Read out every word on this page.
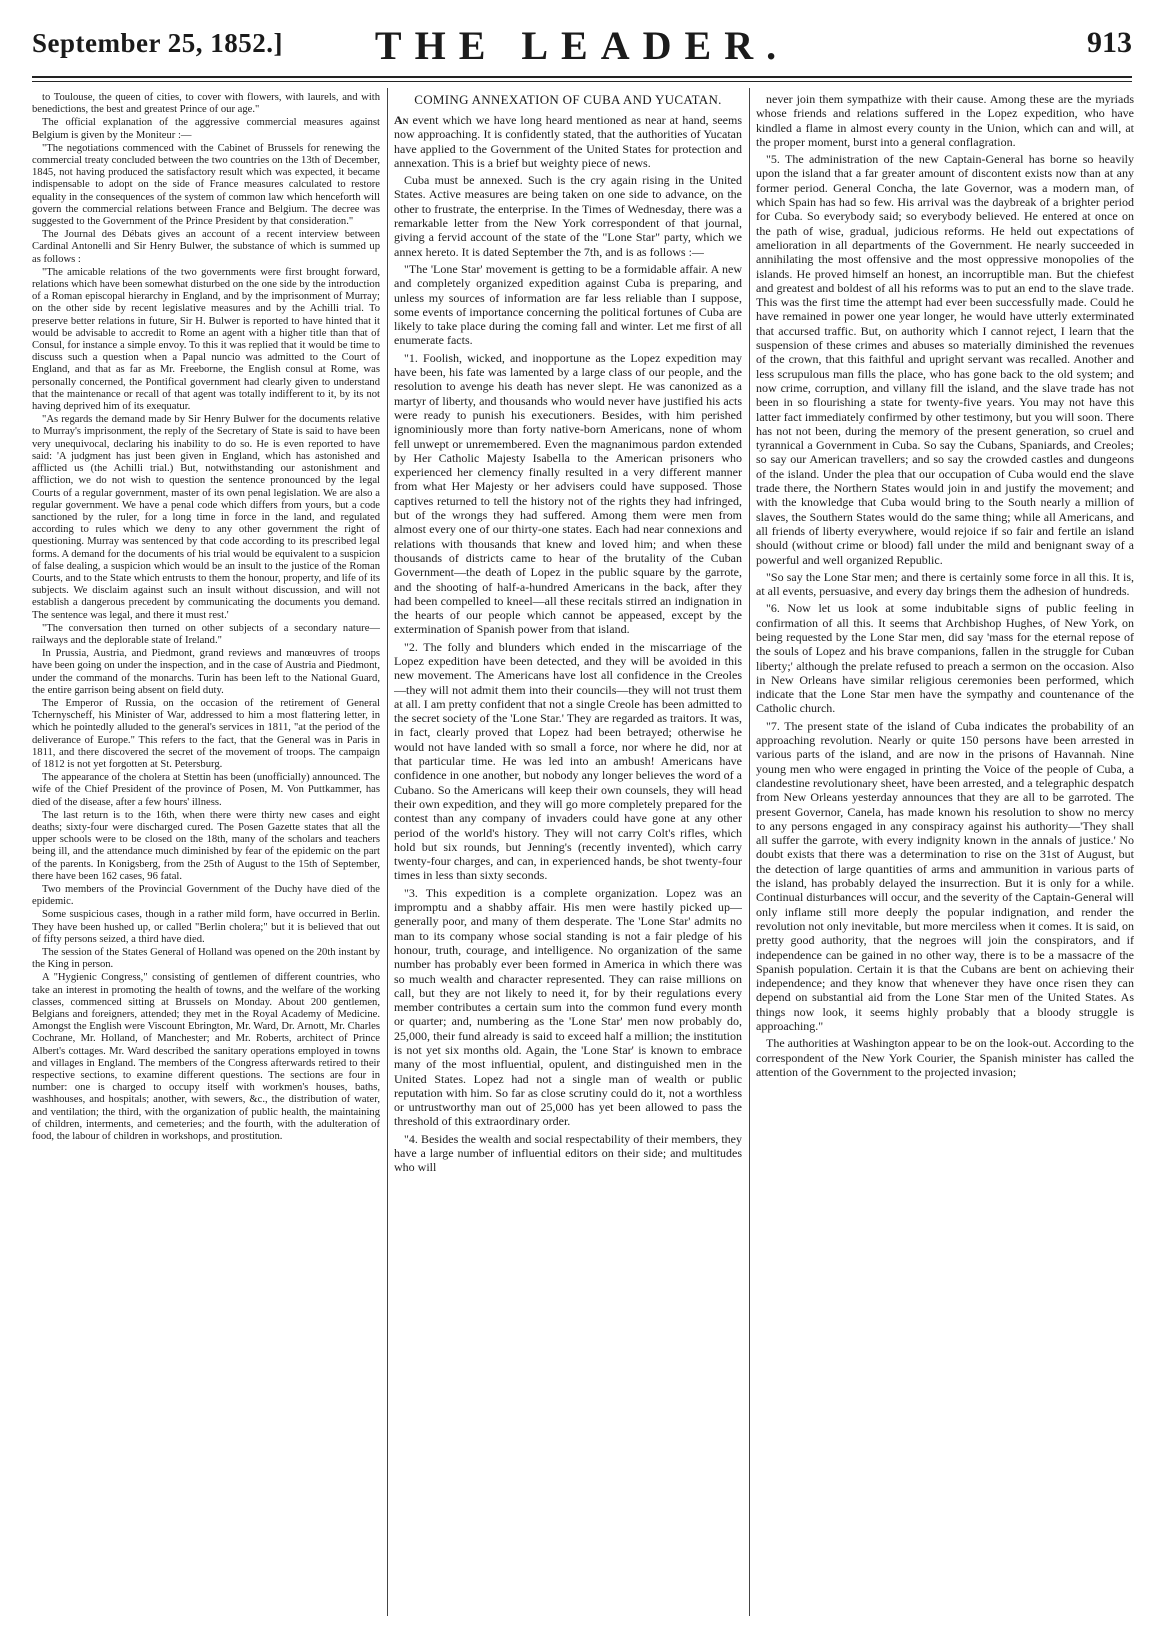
September 25, 1852.]	THE LEADER.	913

to Toulouse, the queen of cities, to cover with flowers, with laurels, and with benedictions, the best and greatest Prince of our age."

The official explanation of the aggressive commercial measures against Belgium is given by the Moniteur :—

"The negotiations commenced with the Cabinet of Brussels for renewing the commercial treaty concluded between the two countries on the 13th of December, 1845, not having produced the satisfactory result which was expected, it became indispensable to adopt on the side of France measures calculated to restore equality in the consequences of the system of common law which henceforth will govern the commercial relations between France and Belgium. The decree was suggested to the Government of the Prince President by that consideration."

The Journal des Débats gives an account of a recent interview between Cardinal Antonelli and Sir Henry Bulwer, the substance of which is summed up as follows :

"The amicable relations of the two governments were first brought forward, relations which have been somewhat disturbed on the one side by the introduction of a Roman episcopal hierarchy in England, and by the imprisonment of Murray; on the other side by recent legislative measures and by the Achilli trial. To preserve better relations in future, Sir H. Bulwer is reported to have hinted that it would be advisable to accredit to Rome an agent with a higher title than that of Consul, for instance a simple envoy. To this it was replied that it would be time to discuss such a question when a Papal nuncio was admitted to the Court of England, and that as far as Mr. Freeborne, the English consul at Rome, was personally concerned, the Pontifical government had clearly given to understand that the maintenance or recall of that agent was totally indifferent to it, by its not having deprived him of its exequatur.

"As regards the demand made by Sir Henry Bulwer for the documents relative to Murray's imprisonment, the reply of the Secretary of State is said to have been very unequivocal, declaring his inability to do so. He is even reported to have said: 'A judgment has just been given in England, which has astonished and afflicted us (the Achilli trial.) But, notwithstanding our astonishment and affliction, we do not wish to question the sentence pronounced by the legal Courts of a regular government, master of its own penal legislation. We are also a regular government. We have a penal code which differs from yours, but a code sanctioned by the ruler, for a long time in force in the land, and regulated according to rules which we deny to any other government the right of questioning. Murray was sentenced by that code according to its prescribed legal forms. A demand for the documents of his trial would be equivalent to a suspicion of false dealing, a suspicion which would be an insult to the justice of the Roman Courts, and to the State which entrusts to them the honour, property, and life of its subjects. We disclaim against such an insult without discussion, and will not establish a dangerous precedent by communicating the documents you demand. The sentence was legal, and there it must rest.'

"The conversation then turned on other subjects of a secondary nature—railways and the deplorable state of Ireland."

In Prussia, Austria, and Piedmont, grand reviews and manœuvres of troops have been going on under the inspection, and in the case of Austria and Piedmont, under the command of the monarchs. Turin has been left to the National Guard, the entire garrison being absent on field duty.

The Emperor of Russia, on the occasion of the retirement of General Tchernyscheff, his Minister of War, addressed to him a most flattering letter, in which he pointedly alluded to the general's services in 1811, "at the period of the deliverance of Europe." This refers to the fact, that the General was in Paris in 1811, and there discovered the secret of the movement of troops. The campaign of 1812 is not yet forgotten at St. Petersburg.

The appearance of the cholera at Stettin has been (unofficially) announced. The wife of the Chief President of the province of Posen, M. Von Puttkammer, has died of the disease, after a few hours' illness.

The last return is to the 16th, when there were thirty new cases and eight deaths; sixty-four were discharged cured. The Posen Gazette states that all the upper schools were to be closed on the 18th, many of the scholars and teachers being ill, and the attendance much diminished by fear of the epidemic on the part of the parents. In Konigsberg, from the 25th of August to the 15th of September, there have been 162 cases, 96 fatal.

Two members of the Provincial Government of the Duchy have died of the epidemic.

Some suspicious cases, though in a rather mild form, have occurred in Berlin. They have been hushed up, or called "Berlin cholera;" but it is believed that out of fifty persons seized, a third have died.

The session of the States General of Holland was opened on the 20th instant by the King in person.

A "Hygienic Congress," consisting of gentlemen of different countries, who take an interest in promoting the health of towns, and the welfare of the working classes, commenced sitting at Brussels on Monday. About 200 gentlemen, Belgians and foreigners, attended; they met in the Royal Academy of Medicine. Amongst the English were Viscount Ebrington, Mr. Ward, Dr. Arnott, Mr. Charles Cochrane, Mr. Holland, of Manchester; and Mr. Roberts, architect of Prince Albert's cottages. Mr. Ward described the sanitary operations employed in towns and villages in England. The members of the Congress afterwards retired to their respective sections, to examine different questions. The sections are four in number: one is charged to occupy itself with workmen's houses, baths, washhouses, and hospitals; another, with sewers, &c., the distribution of water, and ventilation; the third, with the organization of public health, the maintaining of children, interments, and cemeteries; and the fourth, with the adulteration of food, the labour of children in workshops, and prostitution.

COMING ANNEXATION OF CUBA AND YUCATAN.

An event which we have long heard mentioned as near at hand, seems now approaching. It is confidently stated, that the authorities of Yucatan have applied to the Government of the United States for protection and annexation. This is a brief but weighty piece of news.

Cuba must be annexed. Such is the cry again rising in the United States. Active measures are being taken on one side to advance, on the other to frustrate, the enterprise. In the Times of Wednesday, there was a remarkable letter from the New York correspondent of that journal, giving a fervid account of the state of the "Lone Star" party, which we annex hereto. It is dated September the 7th, and is as follows :—

"The 'Lone Star' movement is getting to be a formidable affair. A new and completely organized expedition against Cuba is preparing, and unless my sources of information are far less reliable than I suppose, some events of importance concerning the political fortunes of Cuba are likely to take place during the coming fall and winter. Let me first of all enumerate facts.

"1. Foolish, wicked, and inopportune as the Lopez expedition may have been, his fate was lamented by a large class of our people, and the resolution to avenge his death has never slept. He was canonized as a martyr of liberty, and thousands who would never have justified his acts were ready to punish his executioners. Besides, with him perished ignominiously more than forty native-born Americans, none of whom fell unwept or unremembered. Even the magnanimous pardon extended by Her Catholic Majesty Isabella to the American prisoners who experienced her clemency finally resulted in a very different manner from what Her Majesty or her advisers could have supposed. Those captives returned to tell the history not of the rights they had infringed, but of the wrongs they had suffered. Among them were men from almost every one of our thirty-one states. Each had near connexions and relations with thousands that knew and loved him; and when these thousands of districts came to hear of the brutality of the Cuban Government—the death of Lopez in the public square by the garrote, and the shooting of half-a-hundred Americans in the back, after they had been compelled to kneel—all these recitals stirred an indignation in the hearts of our people which cannot be appeased, except by the extermination of Spanish power from that island.

"2. The folly and blunders which ended in the miscarriage of the Lopez expedition have been detected, and they will be avoided in this new movement. The Americans have lost all confidence in the Creoles—they will not admit them into their councils—they will not trust them at all. I am pretty confident that not a single Creole has been admitted to the secret society of the 'Lone Star.' They are regarded as traitors. It was, in fact, clearly proved that Lopez had been betrayed; otherwise he would not have landed with so small a force, nor where he did, nor at that particular time. He was led into an ambush! Americans have confidence in one another, but nobody any longer believes the word of a Cubano. So the Americans will keep their own counsels, they will head their own expedition, and they will go more completely prepared for the contest than any company of invaders could have gone at any other period of the world's history. They will not carry Colt's rifles, which hold but six rounds, but Jenning's (recently invented), which carry twenty-four charges, and can, in experienced hands, be shot twenty-four times in less than sixty seconds.

"3. This expedition is a complete organization. Lopez was an impromptu and a shabby affair. His men were hastily picked up—generally poor, and many of them desperate. The 'Lone Star' admits no man to its company whose social standing is not a fair pledge of his honour, truth, courage, and intelligence. No organization of the same number has probably ever been formed in America in which there was so much wealth and character represented. They can raise millions on call, but they are not likely to need it, for by their regulations every member contributes a certain sum into the common fund every month or quarter; and, numbering as the 'Lone Star' men now probably do, 25,000, their fund already is said to exceed half a million; the institution is not yet six months old. Again, the 'Lone Star' is known to embrace many of the most influential, opulent, and distinguished men in the United States. Lopez had not a single man of wealth or public reputation with him. So far as close scrutiny could do it, not a worthless or untrustworthy man out of 25,000 has yet been allowed to pass the threshold of this extraordinary order.

"4. Besides the wealth and social respectability of their members, they have a large number of influential editors on their side; and multitudes who will

never join them sympathize with their cause. Among these are the myriads whose friends and relations suffered in the Lopez expedition, who have kindled a flame in almost every county in the Union, which can and will, at the proper moment, burst into a general conflagration.

"5. The administration of the new Captain-General has borne so heavily upon the island that a far greater amount of discontent exists now than at any former period. General Concha, the late Governor, was a modern man, of which Spain has had so few. His arrival was the daybreak of a brighter period for Cuba. So everybody said; so everybody believed. He entered at once on the path of wise, gradual, judicious reforms. He held out expectations of amelioration in all departments of the Government. He nearly succeeded in annihilating the most offensive and the most oppressive monopolies of the islands. He proved himself an honest, an incorruptible man. But the chiefest and greatest and boldest of all his reforms was to put an end to the slave trade. This was the first time the attempt had ever been successfully made. Could he have remained in power one year longer, he would have utterly exterminated that accursed traffic. But, on authority which I cannot reject, I learn that the suspension of these crimes and abuses so materially diminished the revenues of the crown, that this faithful and upright servant was recalled. Another and less scrupulous man fills the place, who has gone back to the old system; and now crime, corruption, and villany fill the island, and the slave trade has not been in so flourishing a state for twenty-five years. You may not have this latter fact immediately confirmed by other testimony, but you will soon. There has not not been, during the memory of the present generation, so cruel and tyrannical a Government in Cuba. So say the Cubans, Spaniards, and Creoles; so say our American travellers; and so say the crowded castles and dungeons of the island. Under the plea that our occupation of Cuba would end the slave trade there, the Northern States would join in and justify the movement; and with the knowledge that Cuba would bring to the South nearly a million of slaves, the Southern States would do the same thing; while all Americans, and all friends of liberty everywhere, would rejoice if so fair and fertile an island should (without crime or blood) fall under the mild and benignant sway of a powerful and well organized Republic.

"So say the Lone Star men; and there is certainly some force in all this. It is, at all events, persuasive, and every day brings them the adhesion of hundreds.

"6. Now let us look at some indubitable signs of public feeling in confirmation of all this. It seems that Archbishop Hughes, of New York, on being requested by the Lone Star men, did say 'mass for the eternal repose of the souls of Lopez and his brave companions, fallen in the struggle for Cuban liberty;' although the prelate refused to preach a sermon on the occasion. Also in New Orleans have similar religious ceremonies been performed, which indicate that the Lone Star men have the sympathy and countenance of the Catholic church.

"7. The present state of the island of Cuba indicates the probability of an approaching revolution. Nearly or quite 150 persons have been arrested in various parts of the island, and are now in the prisons of Havannah. Nine young men who were engaged in printing the Voice of the people of Cuba, a clandestine revolutionary sheet, have been arrested, and a telegraphic despatch from New Orleans yesterday announces that they are all to be garroted. The present Governor, Canela, has made known his resolution to show no mercy to any persons engaged in any conspiracy against his authority—'They shall all suffer the garrote, with every indignity known in the annals of justice.' No doubt exists that there was a determination to rise on the 31st of August, but the detection of large quantities of arms and ammunition in various parts of the island, has probably delayed the insurrection. But it is only for a while. Continual disturbances will occur, and the severity of the Captain-General will only inflame still more deeply the popular indignation, and render the revolution not only inevitable, but more merciless when it comes. It is said, on pretty good authority, that the negroes will join the conspirators, and if independence can be gained in no other way, there is to be a massacre of the Spanish population. Certain it is that the Cubans are bent on achieving their independence; and they know that whenever they have once risen they can depend on substantial aid from the Lone Star men of the United States. As things now look, it seems highly probably that a bloody struggle is approaching."

The authorities at Washington appear to be on the look-out. According to the correspondent of the New York Courier, the Spanish minister has called the attention of the Government to the projected invasion;
